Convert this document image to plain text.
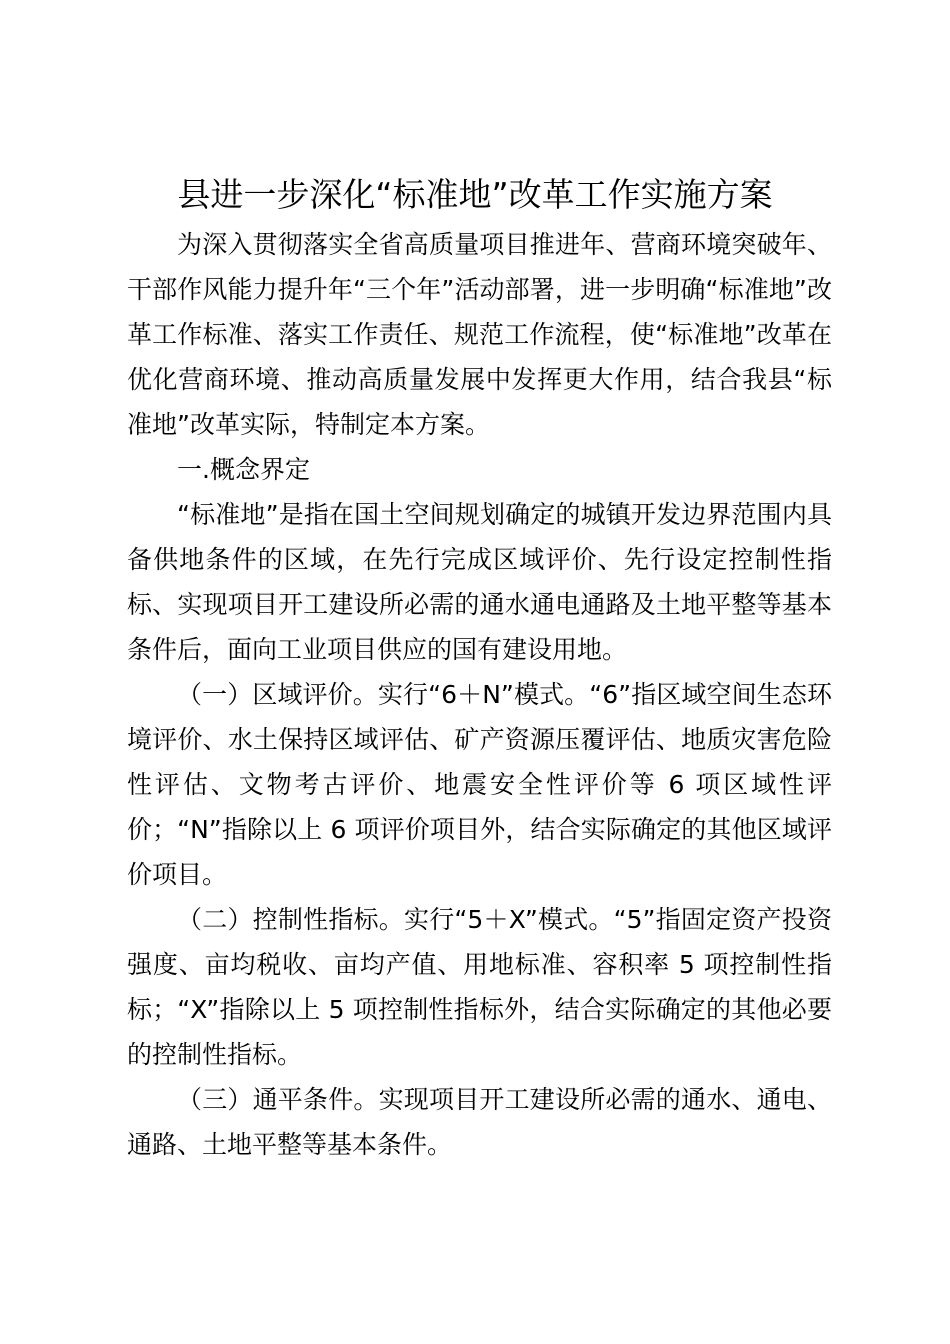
县进一步深化“标准地”改革工作实施方案

为深入贯彻落实全省高质量项目推进年、营商环境突破年、干部作风能力提升年“三个年”活动部署，进一步明确“标准地”改革工作标准、落实工作责任、规范工作流程，使“标准地”改革在优化营商环境、推动高质量发展中发挥更大作用，结合我县“标准地”改革实际，特制定本方案。

一.概念界定

“标准地”是指在国土空间规划确定的城镇开发边界范围内具备供地条件的区域，在先行完成区域评价、先行设定控制性指标、实现项目开工建设所必需的通水通电通路及土地平整等基本条件后，面向工业项目供应的国有建设用地。

（一）区域评价。实行“6＋N”模式。“6”指区域空间生态环境评价、水土保持区域评估、矿产资源压覆评估、地质灾害危险性评估、文物考古评价、地震安全性评价等 6 项区域性评价；“N”指除以上 6 项评价项目外，结合实际确定的其他区域评价项目。

（二）控制性指标。实行“5＋X”模式。“5”指固定资产投资强度、亩均税收、亩均产值、用地标准、容积率 5 项控制性指标；“X”指除以上 5 项控制性指标外，结合实际确定的其他必要的控制性指标。

（三）通平条件。实现项目开工建设所必需的通水、通电、通路、土地平整等基本条件。
